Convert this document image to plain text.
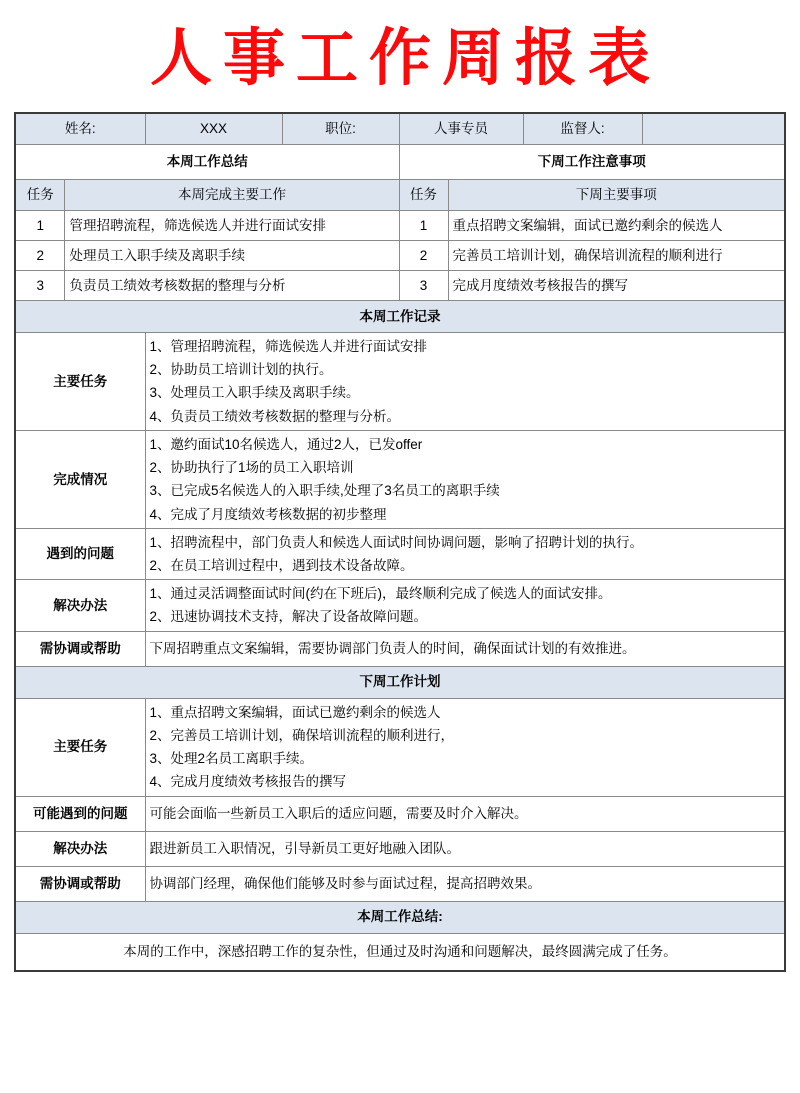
人事工作周报表
姓名:		XXX	职位:	人事专员		监督人:	
本周工作总结				下周工作注意事项			
任务	本周完成主要工作			任务	下周主要事项		
1	管理招聘流程，筛选候选人并进行面试安排			1	重点招聘文案编辑，面试已邀约剩余的候选人		
2	处理员工入职手续及离职手续			2	完善员工培训计划，确保培训流程的顺利进行		
3	负责员工绩效考核数据的整理与分析			3	完成月度绩效考核报告的撰写		
本周工作记录							
主要任务		1、管理招聘流程，筛选候选人并进行面试安排
2、协助员工培训计划的执行。
3、处理员工入职手续及离职手续。
4、负责员工绩效考核数据的整理与分析。					

完成情况		1、邀约面试10名候选人，通过2人，已发offer
2、协助执行了1场的员工入职培训
3、已完成5名候选人的入职手续,处理了3名员工的离职手续
4、完成了月度绩效考核数据的初步整理					

遇到的问题		1、招聘流程中，部门负责人和候选人面试时间协调问题，影响了招聘计划的执行。
2、在员工培训过程中，遇到技术设备故障。					

解决办法		1、通过灵活调整面试时间(约在下班后)，最终顺利完成了候选人的面试安排。
2、迅速协调技术支持，解决了设备故障问题。					

需协调或帮助		下周招聘重点文案编辑，需要协调部门负责人的时间，确保面试计划的有效推进。					
下周工作计划							
主要任务		1、重点招聘文案编辑，面试已邀约剩余的候选人
2、完善员工培训计划，确保培训流程的顺利进行，
3、处理2名员工离职手续。
4、完成月度绩效考核报告的撰写					

可能遇到的问题		可能会面临一些新员工入职后的适应问题，需要及时介入解决。					
解决办法		跟进新员工入职情况，引导新员工更好地融入团队。					
需协调或帮助		协调部门经理，确保他们能够及时参与面试过程，提高招聘效果。					
本周工作总结:							
本周的工作中，深感招聘工作的复杂性，但通过及时沟通和问题解决，最终圆满完成了任务。							
